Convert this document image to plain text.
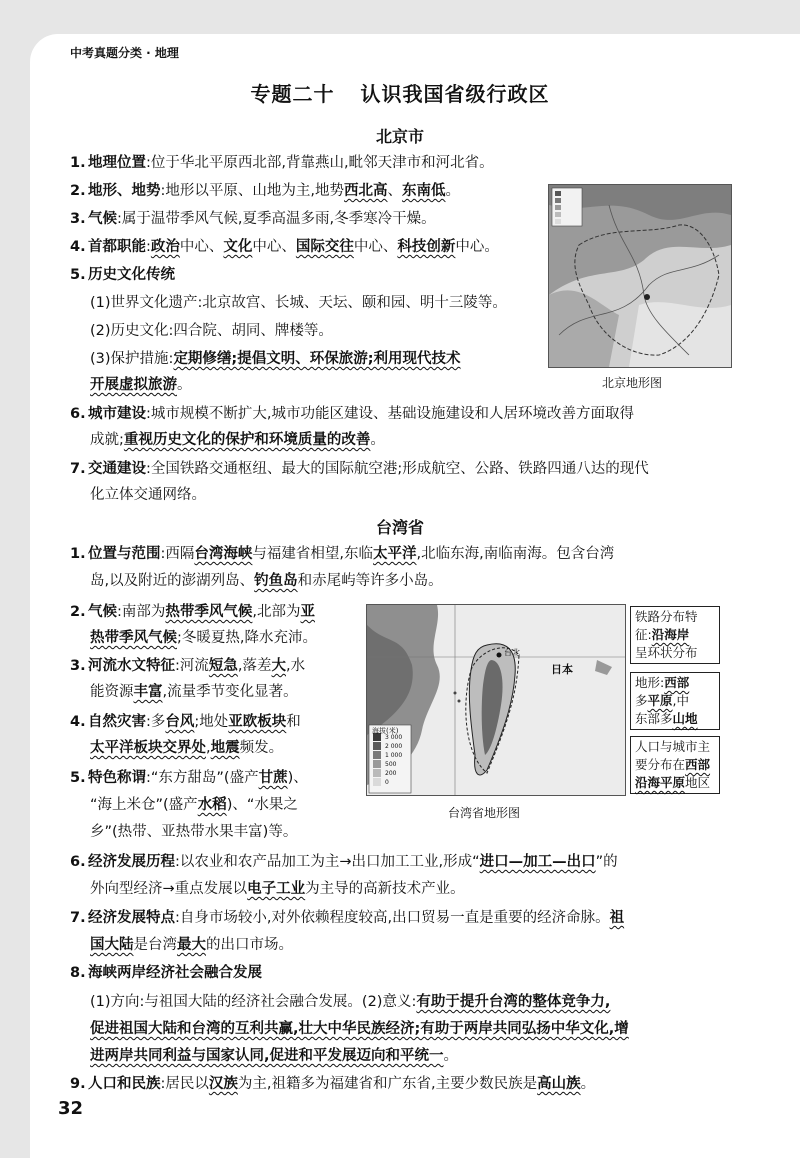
中考真题分类 · 地理
专题二十 认识我国省级行政区
北京市
1. 地理位置:位于华北平原西北部,背靠燕山,毗邻天津市和河北省。
2. 地形、地势:地形以平原、山地为主,地势西北高、东南低。
3. 气候:属于温带季风气候,夏季高温多雨,冬季寒冷干燥。
4. 首都职能:政治中心、文化中心、国际交往中心、科技创新中心。
5. 历史文化传统
(1)世界文化遗产:北京故宫、长城、天坛、颐和园、明十三陵等。
(2)历史文化:四合院、胡同、牌楼等。
(3)保护措施:定期修缮;提倡文明、环保旅游;利用现代技术
开展虚拟旅游。
6. 城市建设:城市规模不断扩大,城市功能区建设、基础设施建设和人居环境改善方面取得
成就;重视历史文化的保护和环境质量的改善。
7. 交通建设:全国铁路交通枢纽、最大的国际航空港;形成航空、公路、铁路四通八达的现代
化立体交通网络。
北京地形图
台湾省
1. 位置与范围:西隔台湾海峡与福建省相望,东临太平洋,北临东海,南临南海。包含台湾
岛,以及附近的澎湖列岛、钓鱼岛和赤尾屿等许多小岛。
2. 气候:南部为热带季风气候,北部为亚
热带季风气候;冬暖夏热,降水充沛。
3. 河流水文特征:河流短急,落差大,水
能资源丰富,流量季节变化显著。
4. 自然灾害:多台风;地处亚欧板块和
太平洋板块交界处,地震频发。
5. 特色称谓:“东方甜岛”(盛产甘蔗)、
“海上米仓”(盛产水稻)、“水果之
乡”(热带、亚热带水果丰富)等。
日本
台北
海拔(米)
3 000
2 000
1 000
500
200
0
台湾省地形图
铁路分布特
征:沿海岸
呈环状分布
地形:西部
多平原,中
东部多山地
人口与城市主
要分布在西部
沿海平原地区
6. 经济发展历程:以农业和农产品加工为主→出口加工工业,形成“进口—加工—出口”的
外向型经济→重点发展以电子工业为主导的高新技术产业。
7. 经济发展特点:自身市场较小,对外依赖程度较高,出口贸易一直是重要的经济命脉。祖
国大陆是台湾最大的出口市场。
8. 海峡两岸经济社会融合发展
(1)方向:与祖国大陆的经济社会融合发展。(2)意义:有助于提升台湾的整体竞争力,
促进祖国大陆和台湾的互利共赢,壮大中华民族经济;有助于两岸共同弘扬中华文化,增
进两岸共同利益与国家认同,促进和平发展迈向和平统一。
9. 人口和民族:居民以汉族为主,祖籍多为福建省和广东省,主要少数民族是高山族。
32
